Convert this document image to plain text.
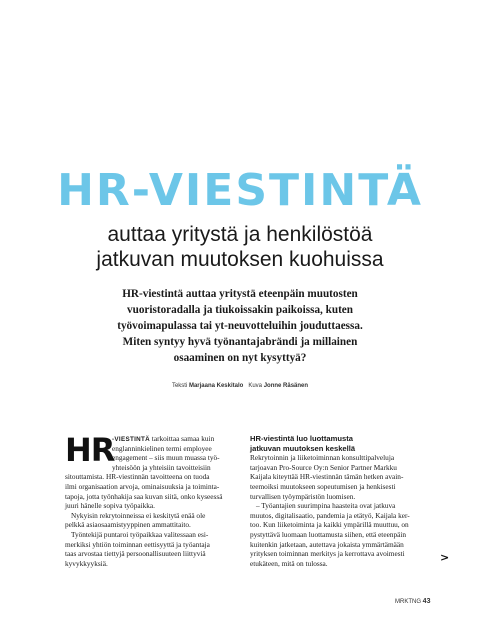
HR-VIESTINTÄ
auttaa yritystä ja henkilöstöä
jatkuvan muutoksen kuohuissa
HR-viestintä auttaa yritystä eteenpäin muutosten
vuoristoradalla ja tiukoissakin paikoissa, kuten
työvoimapulassa tai yt-neuvotteluihin jouduttaessa.
Miten syntyy hyvä työnantajabrändi ja millainen
osaaminen on nyt kysyttyä?
Teksti Marjaana Keskitalo Kuva Jonne Räsänen
HR
-VIESTINTÄ tarkoittaa samaa kuin
englanninkielinen termi employee
engagement – siis muun muassa työ-
yhteisöön ja yhteisiin tavoitteisiin
sitouttamista. HR-viestinnän tavoitteena on tuoda
ilmi organisaation arvoja, ominaisuuksia ja toiminta-
tapoja, jotta työnhakija saa kuvan siitä, onko kyseessä
juuri hänelle sopiva työpaikka.
Nykyisin rekrytoinneissa ei keskitytä enää ole
pelkkä asiaosaamistyyppinen ammattitaito.
Työntekijä puntaroi työpaikkaa valitessaan esi-
merkiksi yhtiön toiminnan eettisyyttä ja työantaja
taas arvostaa tiettyjä persoonallisuuteen liittyviä
kyvykkyyksiä.
HR-viestintä luo luottamusta
jatkuvan muutoksen keskellä
Rekrytoinnin ja liiketoiminnan konsulttipalveluja
tarjoavan Pro-Source Oy:n Senior Partner Markku
Kaijala kiteyttää HR-viestinnän tämän hetken avain-
teemoiksi muutokseen sopeutumisen ja henkisesti
turvallisen työympäristön luomisen.
– Työantajien suurimpina haasteita ovat jatkuva
muutos, digitalisaatio, pandemia ja etätyö, Kaijala ker-
too. Kun liiketoiminta ja kaikki ympärillä muuttuu, on
pystyttävä luomaan luottamusta siihen, että eteenpäin
kuitenkin jatketaan, autettava jokaista ymmärtämään
yrityksen toiminnan merkitys ja kerrottava avoimesti
etukäteen, mitä on tulossa.	>
MRKTNG 43
